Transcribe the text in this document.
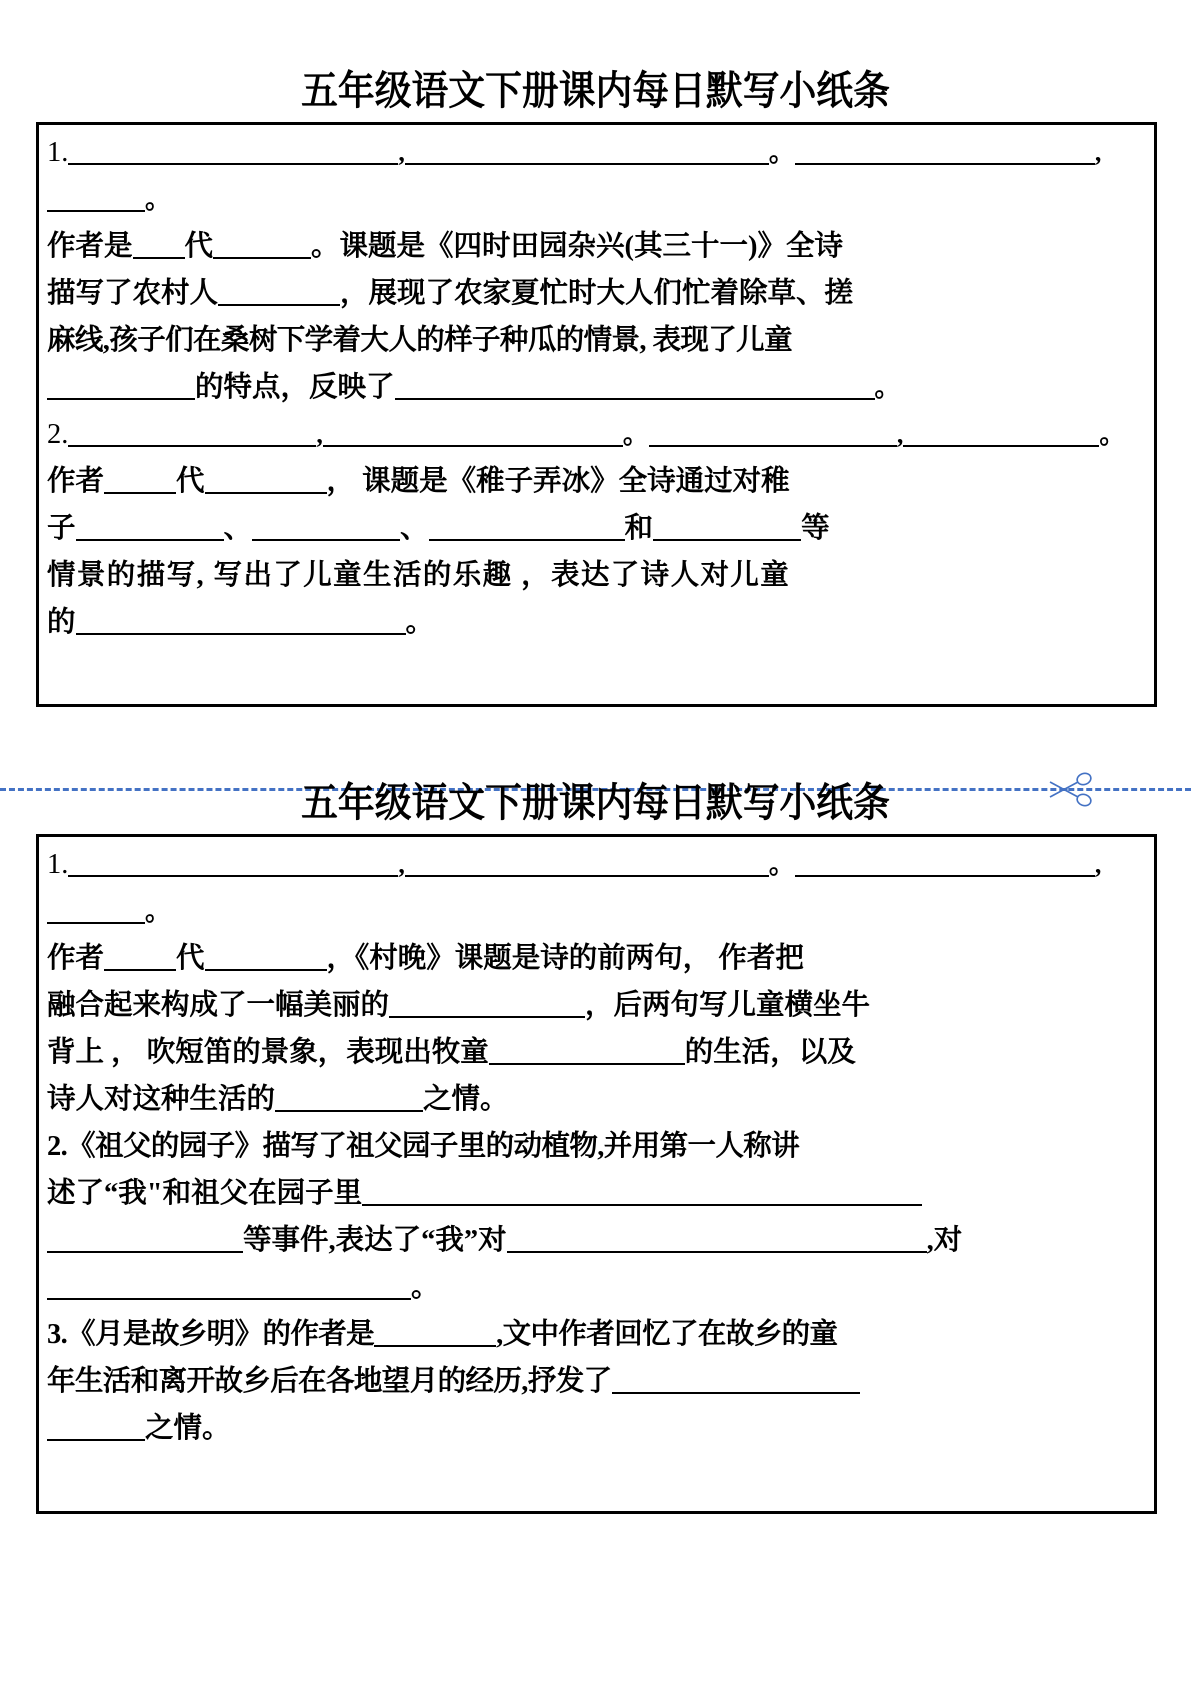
五年级语文下册课内每日默写小纸条
1.	,	。	,
。
作者是 代	。课题是《四时田园杂兴(其三十一)》全诗
描写了农村人	，展现了农家夏忙时大人们忙着除草、搓
麻线,孩子们在桑树下学着大人的样子种瓜的情景, 表现了儿童
的特点，反映了	。
2.	,	。	,	。
作者	代	， 课题是《稚子弄冰》全诗通过对稚
子	、	、	和	等
情景的描写, 写出了儿童生活的乐趣 ，表达了诗人对儿童
的	。
五年级语文下册课内每日默写小纸条
1.	,	。	,
。
作者	代	，《村晚》课题是诗的前两句， 作者把
融合起来构成了一幅美丽的	，后两句写儿童横坐牛
背上 ， 吹短笛的景象，表现出牧童	的生活，以及
诗人对这种生活的	之情。
2.《祖父的园子》描写了祖父园子里的动植物,并用第一人称讲
述了“我"和祖父在园子里
等事件,表达了“我”对	,对
。
3.《月是故乡明》的作者是	,文中作者回忆了在故乡的童
年生活和离开故乡后在各地望月的经历,抒发了
之情。
